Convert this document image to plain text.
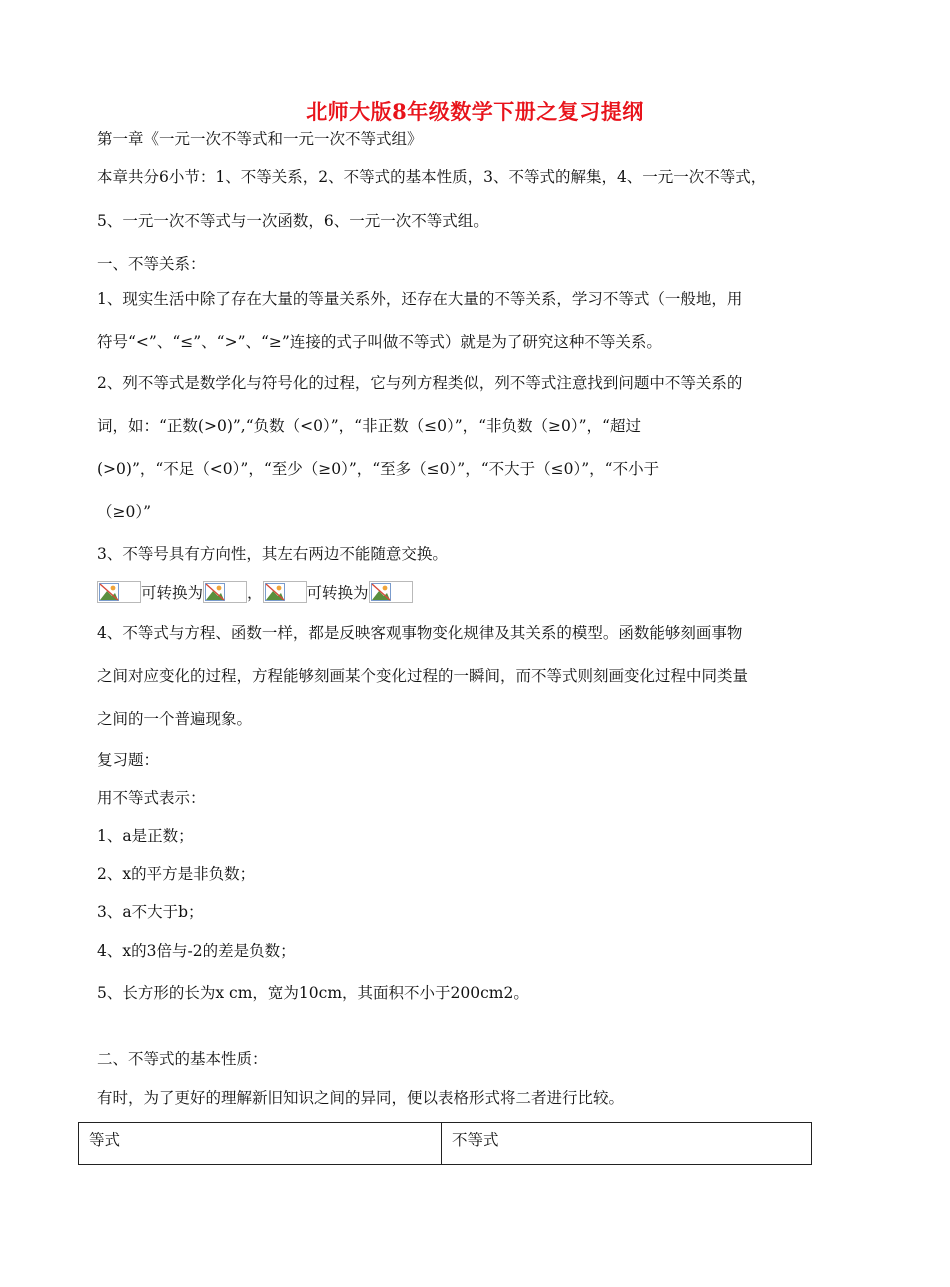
北师大版8年级数学下册之复习提纲
第一章《一元一次不等式和一元一次不等式组》
本章共分6小节：1、不等关系，2、不等式的基本性质，3、不等式的解集，4、一元一次不等式，
5、一元一次不等式与一次函数，6、一元一次不等式组。
一、不等关系：
1、现实生活中除了存在大量的等量关系外，还存在大量的不等关系，学习不等式（一般地，用
符号“<”、“≤”、“>”、“≥”连接的式子叫做不等式）就是为了研究这种不等关系。
2、列不等式是数学化与符号化的过程，它与列方程类似，列不等式注意找到问题中不等关系的
词，如：“正数(>0)”,“负数（<0）”，“非正数（≤0）”，“非负数（≥0）”，“超过
(>0)”，“不足（<0）”，“至少（≥0）”，“至多（≤0）”，“不大于（≤0）”，“不小于
（≥0）”
3、不等号具有方向性，其左右两边不能随意交换。
可转换为	，	可转换为
4、不等式与方程、函数一样，都是反映客观事物变化规律及其关系的模型。函数能够刻画事物
之间对应变化的过程，方程能够刻画某个变化过程的一瞬间，而不等式则刻画变化过程中同类量
之间的一个普遍现象。
复习题：
用不等式表示：
1、a是正数；
2、x的平方是非负数；
3、a不大于b；
4、x的3倍与-2的差是负数；
5、长方形的长为x cm，宽为10cm，其面积不小于200cm2。
二、不等式的基本性质：
有时，为了更好的理解新旧知识之间的异同，便以表格形式将二者进行比较。
等式	不等式
